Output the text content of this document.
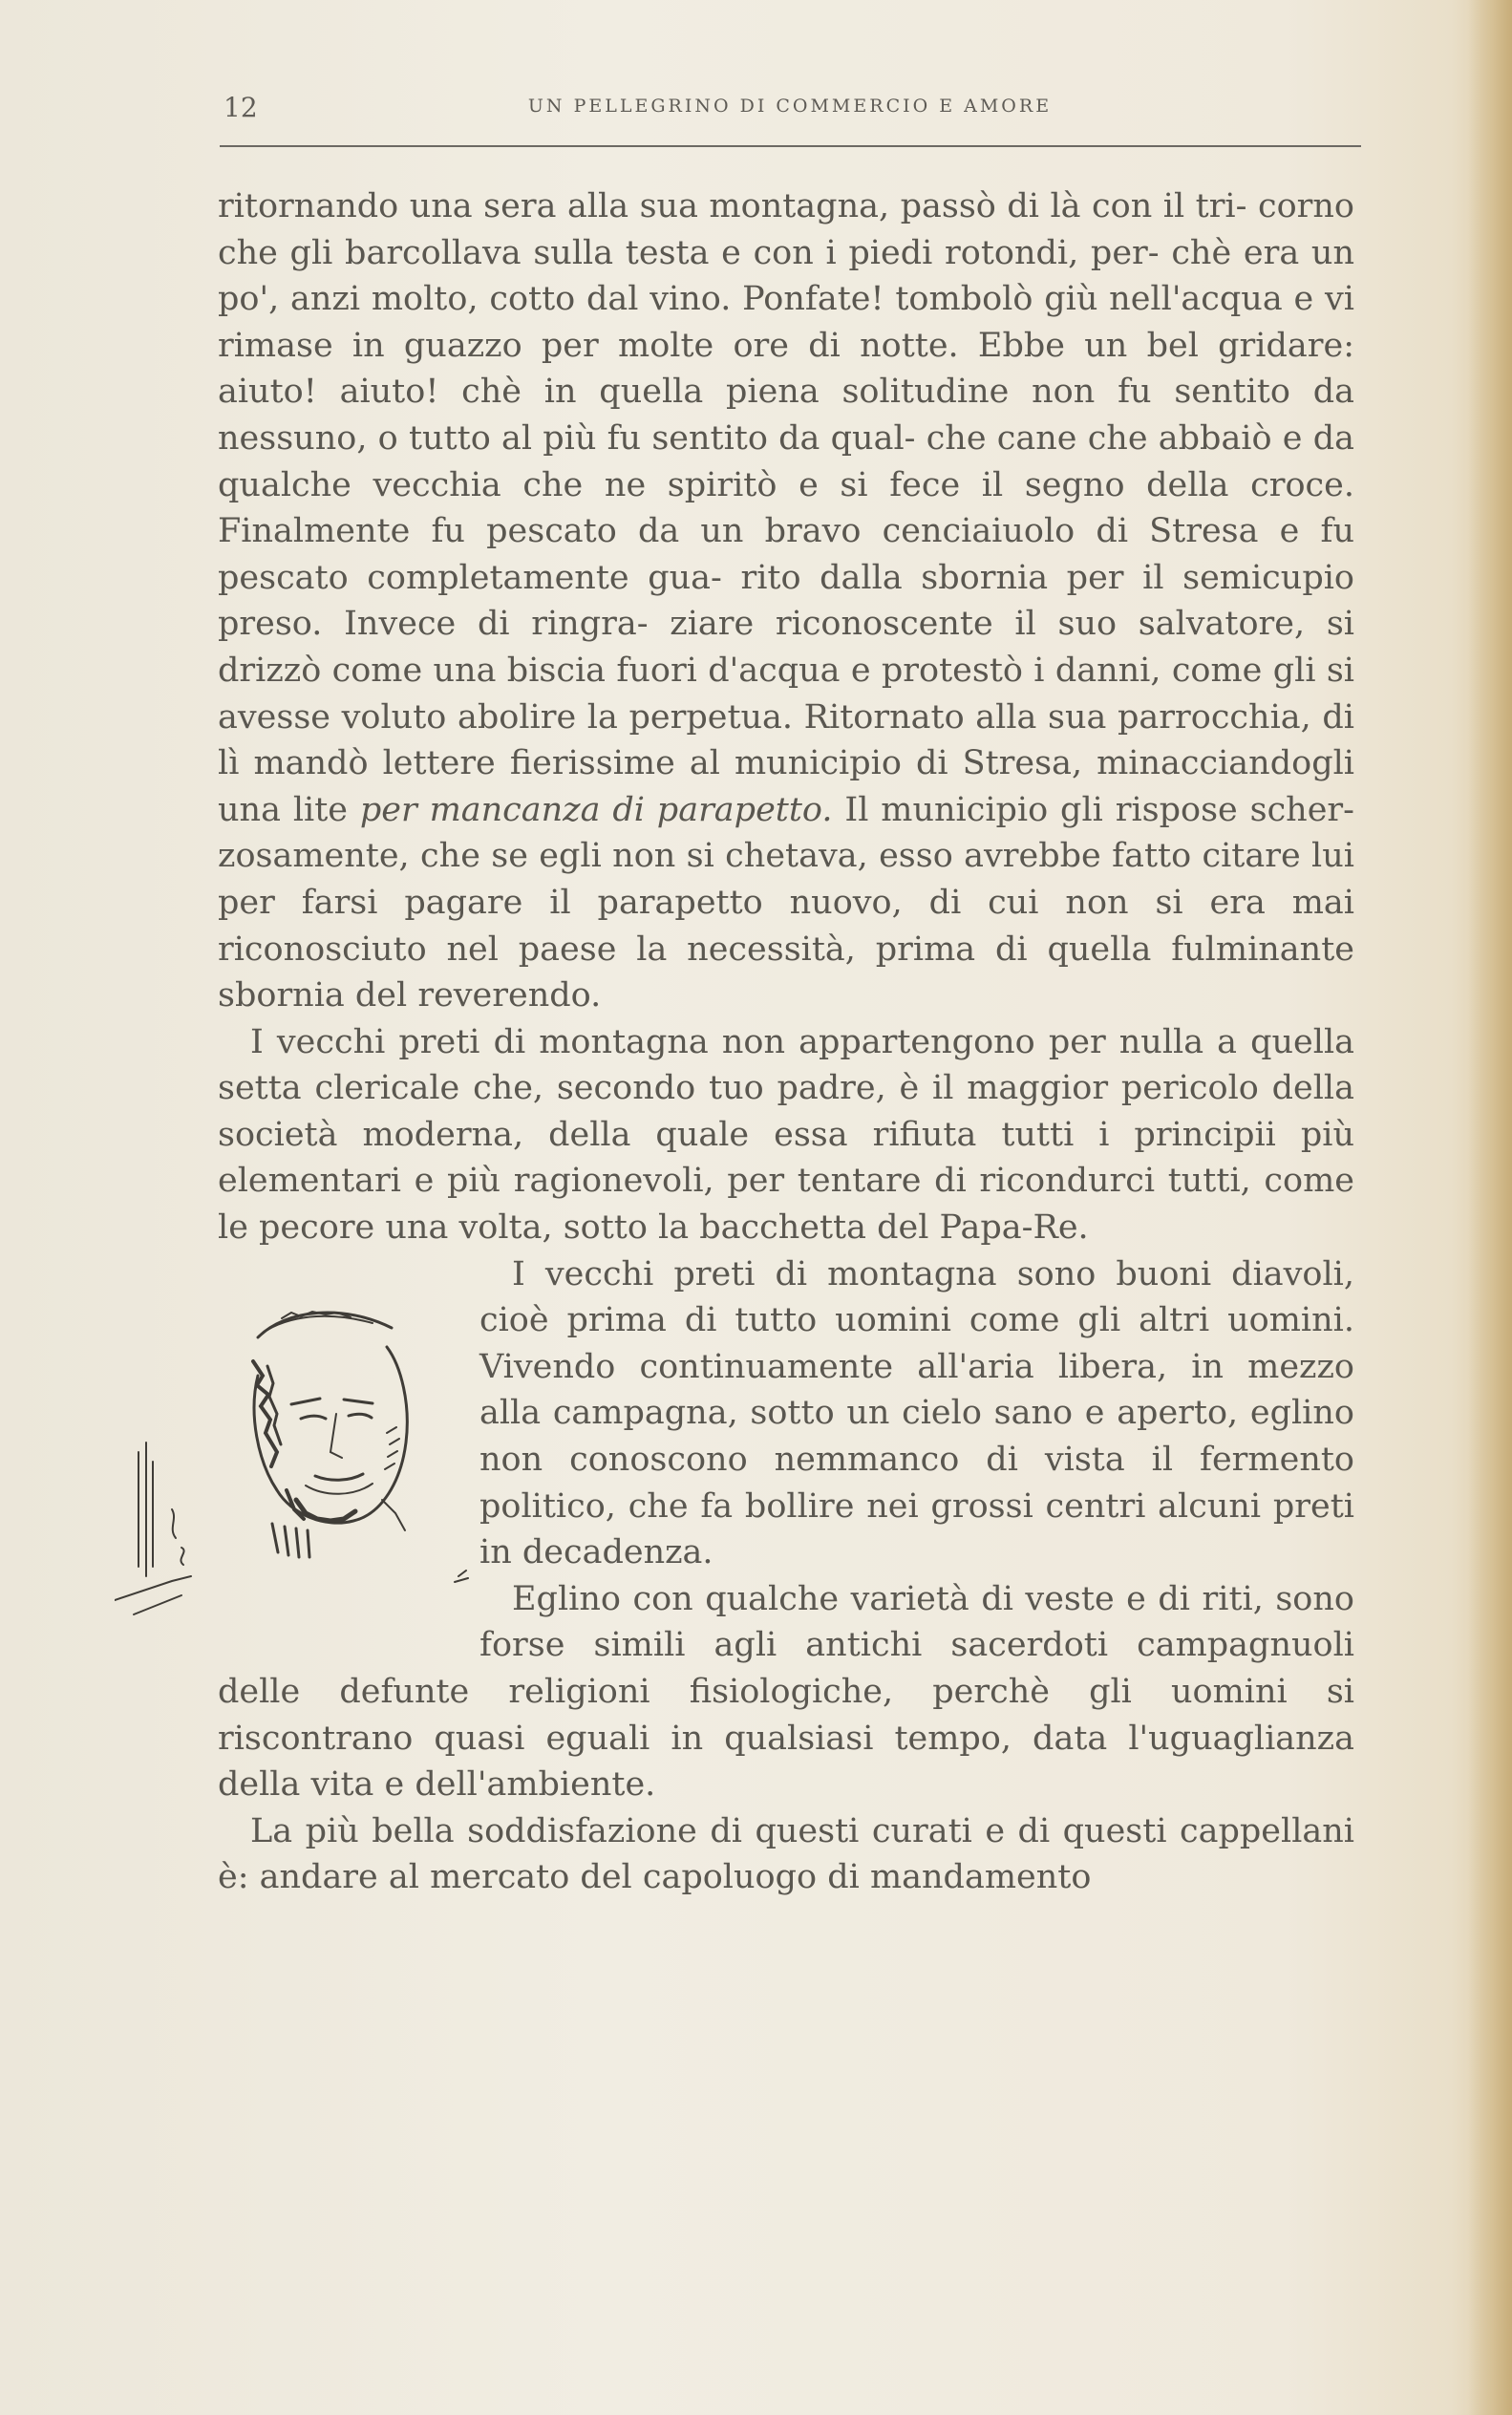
12	UN PELLEGRINO DI COMMERCIO E AMORE

ritornando una sera alla sua montagna, passò di là con il tri- corno che gli barcollava sulla testa e con i piedi rotondi, per- chè era un po', anzi molto, cotto dal vino. Ponfate! tombolò giù nell'acqua e vi rimase in guazzo per molte ore di notte. Ebbe un bel gridare: aiuto! aiuto! chè in quella piena solitudine non fu sentito da nessuno, o tutto al più fu sentito da qual- che cane che abbaiò e da qualche vecchia che ne spiritò e si fece il segno della croce. Finalmente fu pescato da un bravo cenciaiuolo di Stresa e fu pescato completamente gua- rito dalla sbornia per il semicupio preso. Invece di ringra- ziare riconoscente il suo salvatore, si drizzò come una biscia fuori d'acqua e protestò i danni, come gli si avesse voluto abolire la perpetua. Ritornato alla sua parrocchia, di lì mandò lettere fierissime al municipio di Stresa, minacciandogli una lite per mancanza di parapetto. Il municipio gli rispose scher- zosamente, che se egli non si chetava, esso avrebbe fatto citare lui per farsi pagare il parapetto nuovo, di cui non si era mai riconosciuto nel paese la necessità, prima di quella fulminante sbornia del reverendo.

I vecchi preti di montagna non appartengono per nulla a quella setta clericale che, secondo tuo padre, è il maggior pericolo della società moderna, della quale essa rifiuta tutti i principii più elementari e più ragionevoli, per tentare di ricondurci tutti, come le pecore una volta, sotto la bacchetta del Papa-Re.

I vecchi preti di montagna sono buoni diavoli, cioè prima di tutto uomini come gli altri uomini. Vivendo continuamente all'aria libera, in mezzo alla campagna, sotto un cielo sano e aperto, eglino non conoscono nemmanco di vista il fermento politico, che fa bollire nei grossi centri alcuni preti in decadenza.

Eglino con qualche varietà di veste e di riti, sono forse simili agli antichi sacerdoti campagnuoli delle defunte religioni fisiologiche, perchè gli uomini si riscontrano quasi eguali in qualsiasi tempo, data l'uguaglianza della vita e dell'ambiente.

La più bella soddisfazione di questi curati e di questi cappellani è: andare al mercato del capoluogo di mandamento
